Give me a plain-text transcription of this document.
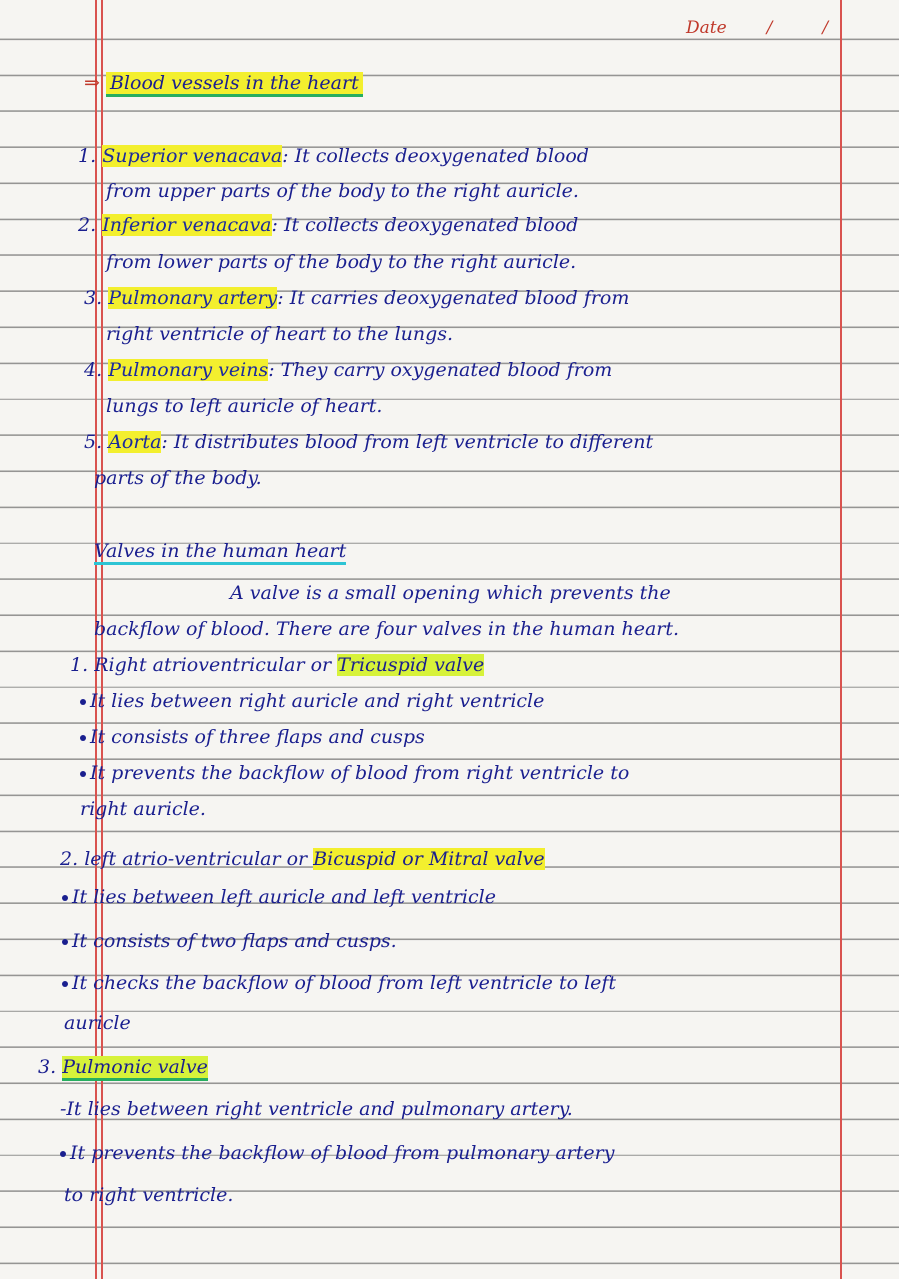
Date /	/
⇒ Blood vessels in the heart
1. Superior venacava: It collects deoxygenated blood
from upper parts of the body to the right auricle.
2. Inferior venacava: It collects deoxygenated blood
from lower parts of the body to the right auricle.
3. Pulmonary artery: It carries deoxygenated blood from
right ventricle of heart to the lungs.
4. Pulmonary veins: They carry oxygenated blood from
lungs to left auricle of heart.
5. Aorta: It distributes blood from left ventricle to different
parts of the body.
Valves in the human heart
A valve is a small opening which prevents the
backflow of blood. There are four valves in the human heart.
1. Right atrioventricular or Tricuspid valve
It lies between right auricle and right ventricle
It consists of three flaps and cusps
It prevents the backflow of blood from right ventricle to
right auricle.
2. left atrio-ventricular or Bicuspid or Mitral valve
It lies between left auricle and left ventricle
It consists of two flaps and cusps.
It checks the backflow of blood from left ventricle to left
auricle
3. Pulmonic valve
-It lies between right ventricle and pulmonary artery.
It prevents the backflow of blood from pulmonary artery
to right ventricle.
